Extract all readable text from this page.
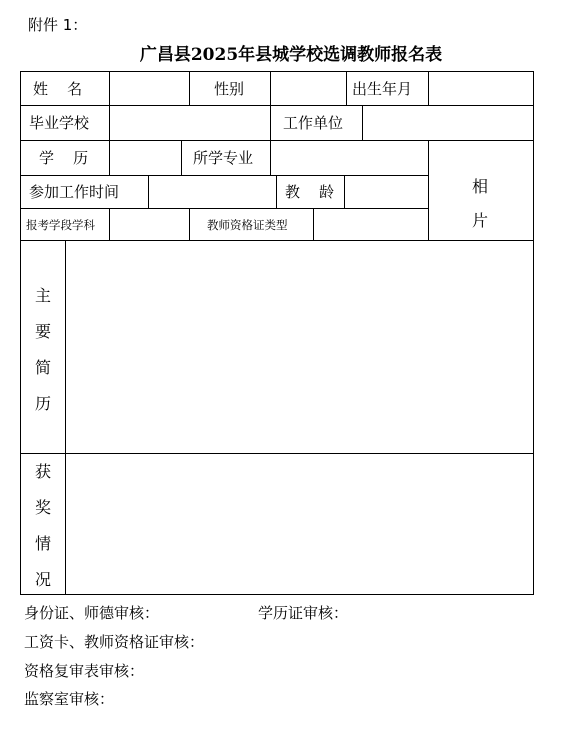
附件 1：
广昌县2025年县城学校选调教师报名表
姓    名	性别	出生年月
毕业学校	工作单位
学    历	所学专业
参加工作时间	教    龄
报考学段学科	教师资格证类型
相
片
主
要
简
历
获
奖
情
况
身份证、师德审核：	学历证审核：
工资卡、教师资格证审核：
资格复审表审核：
监察室审核：
